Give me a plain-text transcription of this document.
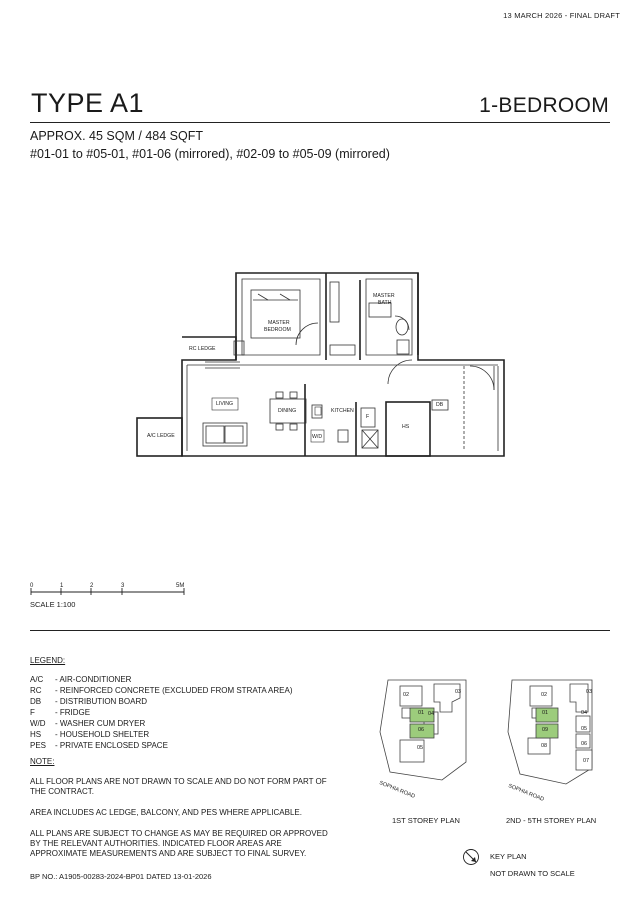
13 MARCH 2026 - FINAL DRAFT
TYPE A1	1-BEDROOM
APPROX. 45 SQM / 484 SQFT
#01-01 to #05-01, #01-06 (mirrored), #02-09 to #05-09 (mirrored)
MASTER
BATH
MASTER
BEDROOM
RC LEDGE
LIVING
DINING	KITCHEN
F
HS
DB
W/D
A/C LEDGE
0	1	2	3	5M
SCALE 1:100
LEGEND:
A/C - AIR-CONDITIONER
RC - REINFORCED CONCRETE (EXCLUDED FROM STRATA AREA)
DB - DISTRIBUTION BOARD
F	- FRIDGE
W/D - WASHER CUM DRYER
HS - HOUSEHOLD SHELTER
PES - PRIVATE ENCLOSED SPACE
NOTE:
ALL FLOOR PLANS ARE NOT DRAWN TO SCALE AND DO NOT FORM PART OF THE CONTRACT.
AREA INCLUDES AC LEDGE, BALCONY, AND PES WHERE APPLICABLE.
ALL PLANS ARE SUBJECT TO CHANGE AS MAY BE REQUIRED OR APPROVED BY THE RELEVANT AUTHORITIES. INDICATED FLOOR AREAS ARE APPROXIMATE MEASUREMENTS AND ARE SUBJECT TO FINAL SURVEY.
BP NO.: A1905-00283-2024-BP01 DATED 13-01-2026
02	03
01 04
06
05
02	03
01	04
09	05
08	06
07
SOPHIA ROAD	SOPHIA ROAD
1ST STOREY PLAN	2ND - 5TH STOREY PLAN
KEY PLAN
NOT DRAWN TO SCALE
